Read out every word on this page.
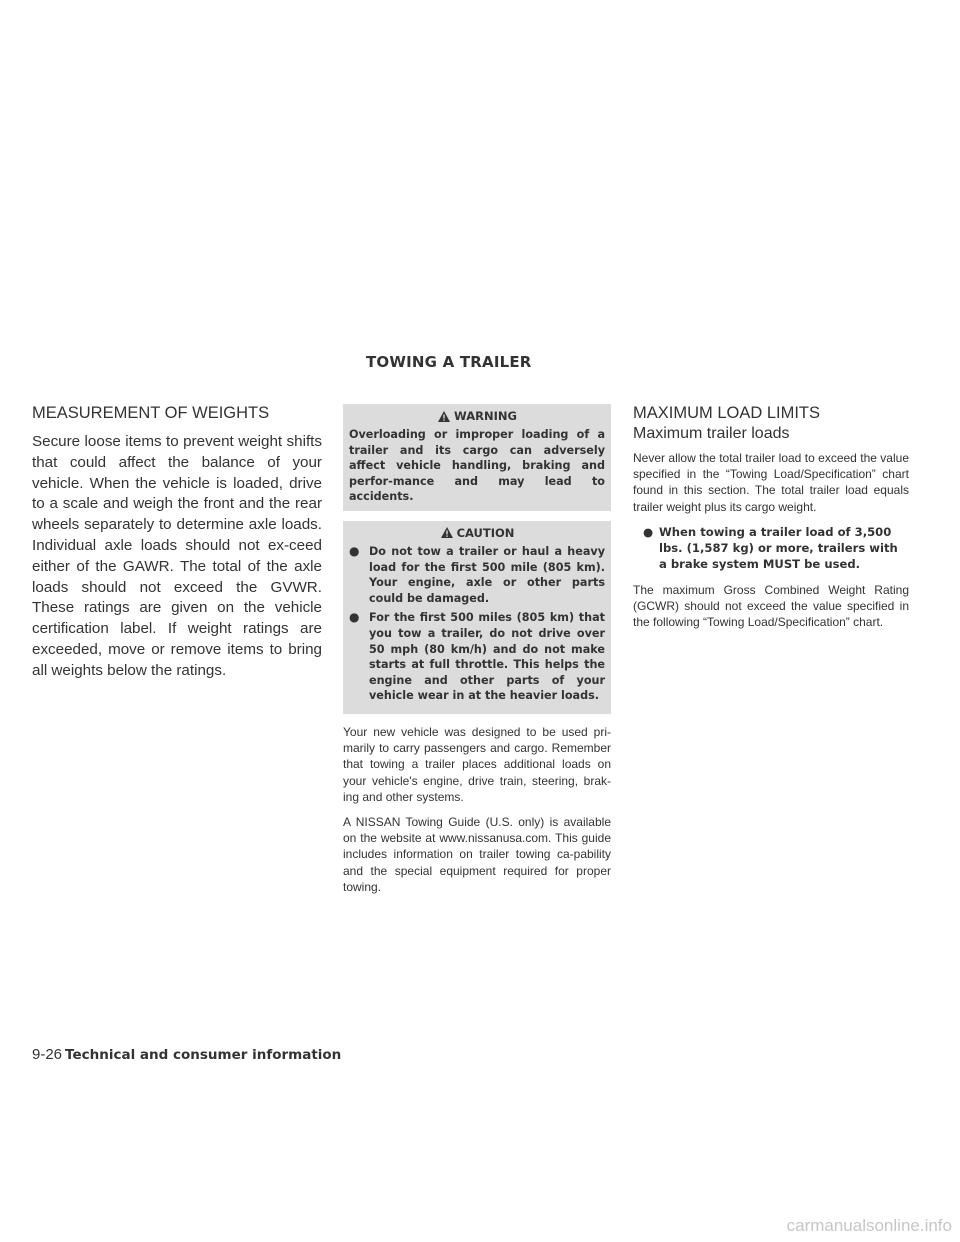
TOWING A TRAILER
MEASUREMENT OF WEIGHTS

Secure loose items to prevent weight shifts that could affect the balance of your vehicle. When the vehicle is loaded, drive to a scale and weigh the front and the rear wheels separately to determine axle loads. Individual axle loads should not ex-ceed either of the GAWR. The total of the axle loads should not exceed the GVWR. These ratings are given on the vehicle certification label. If weight ratings are exceeded, move or remove items to bring all weights below the ratings.

WARNING

Overloading or improper loading of a trailer and its cargo can adversely affect vehicle handling, braking and perfor-mance and may lead to accidents.

CAUTION
● Do not tow a trailer or haul a heavy load for the first 500 mile (805 km). Your engine, axle or other parts could be damaged.
● For the first 500 miles (805 km) that you tow a trailer, do not drive over 50 mph (80 km/h) and do not make starts at full throttle. This helps the engine and other parts of your vehicle wear in at the heavier loads.

Your new vehicle was designed to be used pri-marily to carry passengers and cargo. Remember that towing a trailer places additional loads on your vehicle's engine, drive train, steering, brak-ing and other systems.

A NISSAN Towing Guide (U.S. only) is available on the website at www.nissanusa.com. This guide includes information on trailer towing ca-pability and the special equipment required for proper towing.

MAXIMUM LOAD LIMITS
Maximum trailer loads

Never allow the total trailer load to exceed the value specified in the “Towing Load/Specification” chart found in this section. The total trailer load equals trailer weight plus its cargo weight.

● When towing a trailer load of 3,500 lbs. (1,587 kg) or more, trailers with a brake system MUST be used.

The maximum Gross Combined Weight Rating (GCWR) should not exceed the value specified in the following “Towing Load/Specification” chart.

9-26 Technical and consumer information
carmanualsonline.info
